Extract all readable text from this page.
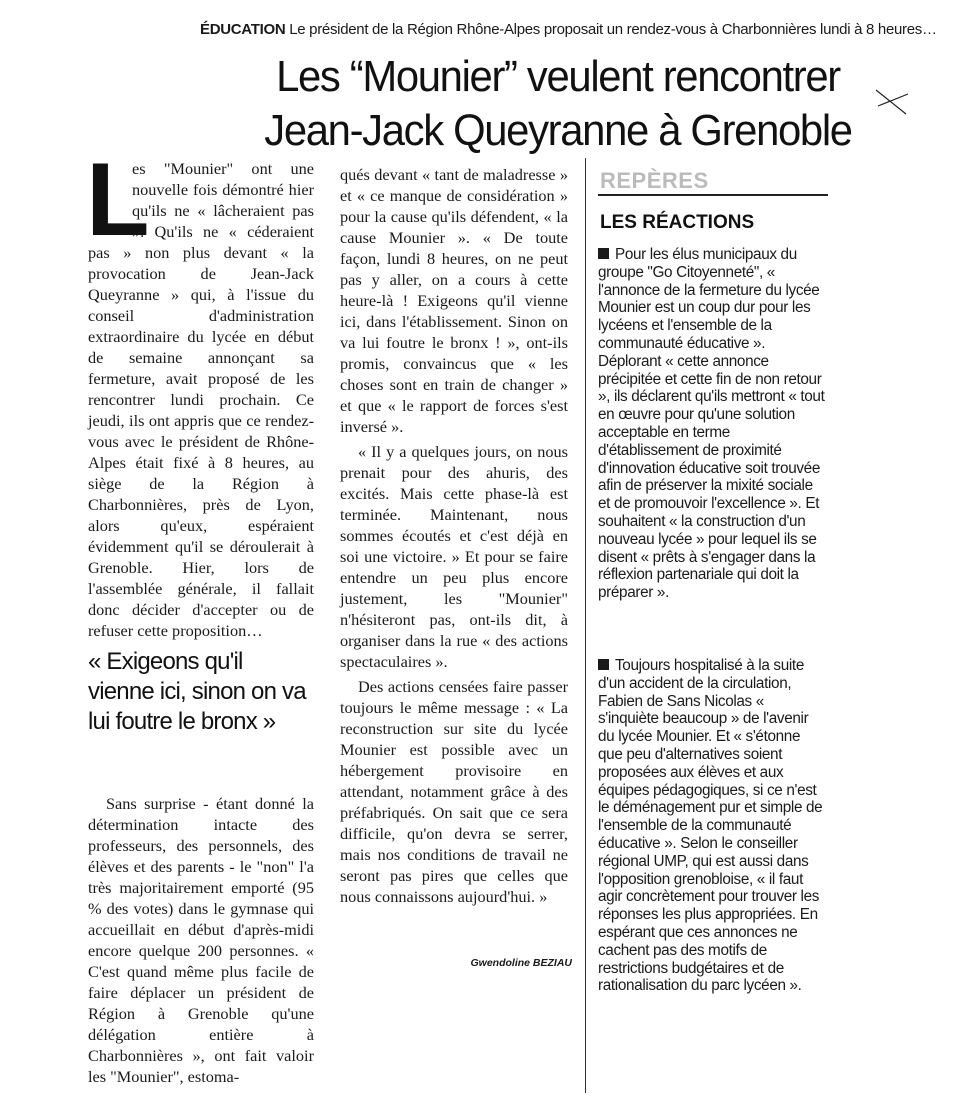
ÉDUCATION Le président de la Région Rhône-Alpes proposait un rendez-vous à Charbonnières lundi à 8 heures…
Les “Mounier” veulent rencontrer
Jean-Jack Queyranne à Grenoble

L
es "Mounier" ont une nouvelle fois démontré hier qu'ils ne « lâcheraient pas ». Qu'ils ne « céderaient pas » non plus devant « la provocation de Jean-Jack Queyranne » qui, à l'issue du conseil d'administration extraordinaire du lycée en début de semaine annonçant sa fermeture, avait proposé de les rencontrer lundi prochain. Ce jeudi, ils ont appris que ce rendez-vous avec le président de Rhône-Alpes était fixé à 8 heures, au siège de la Région à Charbonnières, près de Lyon, alors qu'eux, espéraient évidemment qu'il se déroulerait à Grenoble. Hier, lors de l'assemblée générale, il fallait donc décider d'accepter ou de refuser cette proposition…

« Exigeons qu'il vienne ici, sinon on va lui foutre le bronx »

Sans surprise - étant donné la détermination intacte des professeurs, des personnels, des élèves et des parents - le "non" l'a très majoritairement emporté (95 % des votes) dans le gymnase qui accueillait en début d'après-midi encore quelque 200 personnes. « C'est quand même plus facile de faire déplacer un président de Région à Grenoble qu'une délégation entière à Charbonnières », ont fait valoir les "Mounier", estoma-

qués devant « tant de maladresse » et « ce manque de considération » pour la cause qu'ils défendent, « la cause Mounier ». « De toute façon, lundi 8 heures, on ne peut pas y aller, on a cours à cette heure-là ! Exigeons qu'il vienne ici, dans l'établissement. Sinon on va lui foutre le bronx ! », ont-ils promis, convaincus que « les choses sont en train de changer » et que « le rapport de forces s'est inversé ».

« Il y a quelques jours, on nous prenait pour des ahuris, des excités. Mais cette phase-là est terminée. Maintenant, nous sommes écoutés et c'est déjà en soi une victoire. » Et pour se faire entendre un peu plus encore justement, les "Mounier" n'hésiteront pas, ont-ils dit, à organiser dans la rue « des actions spectaculaires ».

Des actions censées faire passer toujours le même message : « La reconstruction sur site du lycée Mounier est possible avec un hébergement provisoire en attendant, notamment grâce à des préfabriqués. On sait que ce sera difficile, qu'on devra se serrer, mais nos conditions de travail ne seront pas pires que celles que nous connaissons aujourd'hui. »

Gwendoline BEZIAU
REPÈRES
LES RÉACTIONS
Pour les élus municipaux du groupe "Go Citoyenneté", « l'annonce de la fermeture du lycée Mounier est un coup dur pour les lycéens et l'ensemble de la communauté éducative ». Déplorant « cette annonce précipitée et cette fin de non retour », ils déclarent qu'ils mettront « tout en œuvre pour qu'une solution acceptable en terme d'établissement de proximité d'innovation éducative soit trouvée afin de préserver la mixité sociale et de promouvoir l'excellence ». Et souhaitent « la construction d'un nouveau lycée » pour lequel ils se disent « prêts à s'engager dans la réflexion partenariale qui doit la préparer ».
Toujours hospitalisé à la suite d'un accident de la circulation, Fabien de Sans Nicolas « s'inquiète beaucoup » de l'avenir du lycée Mounier. Et « s'étonne que peu d'alternatives soient proposées aux élèves et aux équipes pédagogiques, si ce n'est le déménagement pur et simple de l'ensemble de la communauté éducative ». Selon le conseiller régional UMP, qui est aussi dans l'opposition grenobloise, « il faut agir concrètement pour trouver les réponses les plus appropriées. En espérant que ces annonces ne cachent pas des motifs de restrictions budgétaires et de rationalisation du parc lycéen ».
